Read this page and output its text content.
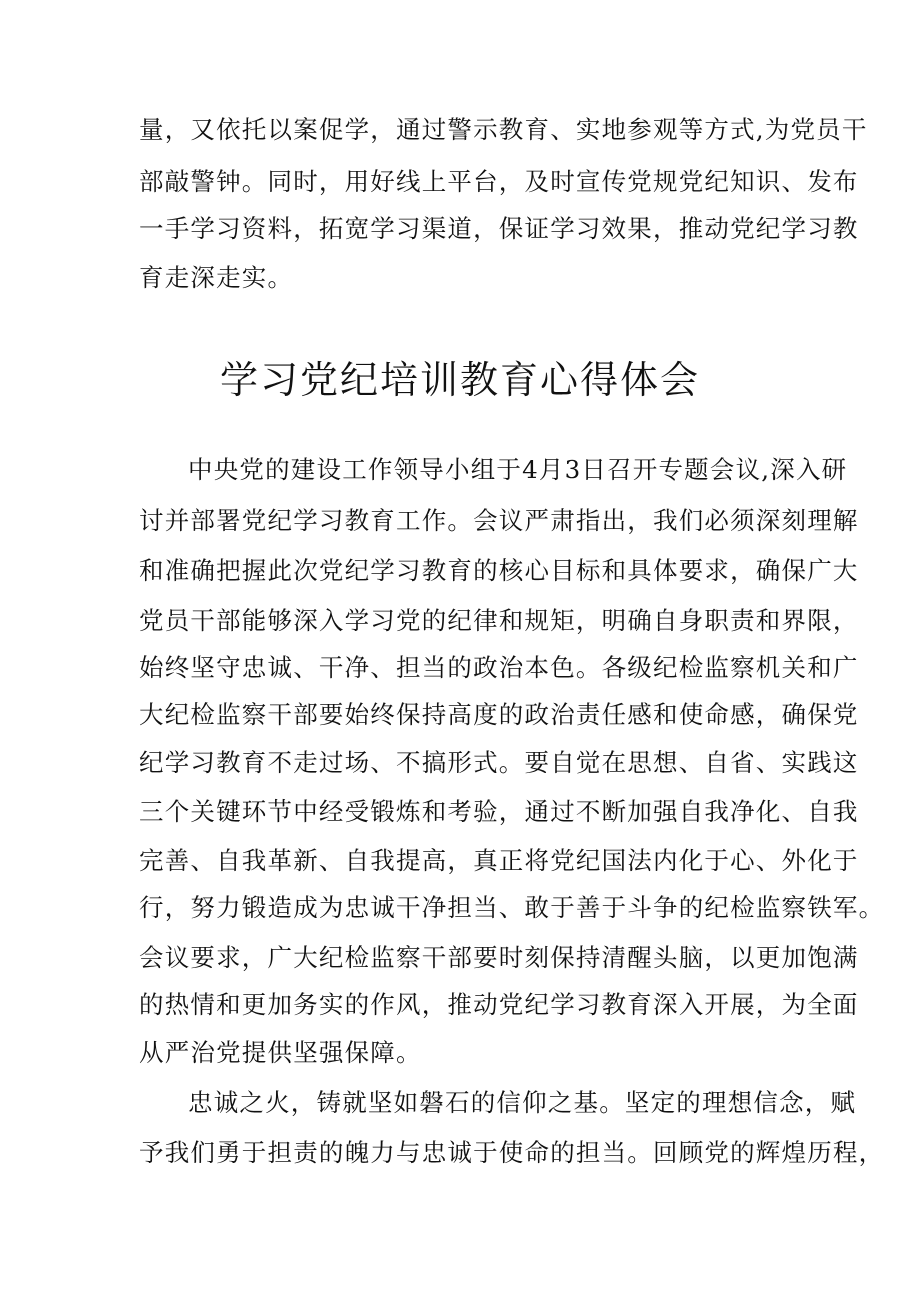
量，又依托以案促学，通过警示教育、实地参观等方式,为党员干
部敲警钟。同时，用好线上平台，及时宣传党规党纪知识、发布
一手学习资料，拓宽学习渠道，保证学习效果，推动党纪学习教
育走深走实。
学习党纪培训教育心得体会
中央党的建设工作领导小组于4月3日召开专题会议,深入研
讨并部署党纪学习教育工作。会议严肃指出，我们必须深刻理解
和准确把握此次党纪学习教育的核心目标和具体要求，确保广大
党员干部能够深入学习党的纪律和规矩，明确自身职责和界限，
始终坚守忠诚、干净、担当的政治本色。各级纪检监察机关和广
大纪检监察干部要始终保持高度的政治责任感和使命感，确保党
纪学习教育不走过场、不搞形式。要自觉在思想、自省、实践这
三个关键环节中经受锻炼和考验，通过不断加强自我净化、自我
完善、自我革新、自我提高，真正将党纪国法内化于心、外化于
行，努力锻造成为忠诚干净担当、敢于善于斗争的纪检监察铁军。
会议要求，广大纪检监察干部要时刻保持清醒头脑，以更加饱满
的热情和更加务实的作风，推动党纪学习教育深入开展，为全面
从严治党提供坚强保障。
忠诚之火，铸就坚如磐石的信仰之基。坚定的理想信念，赋
予我们勇于担责的魄力与忠诚于使命的担当。回顾党的辉煌历程，
